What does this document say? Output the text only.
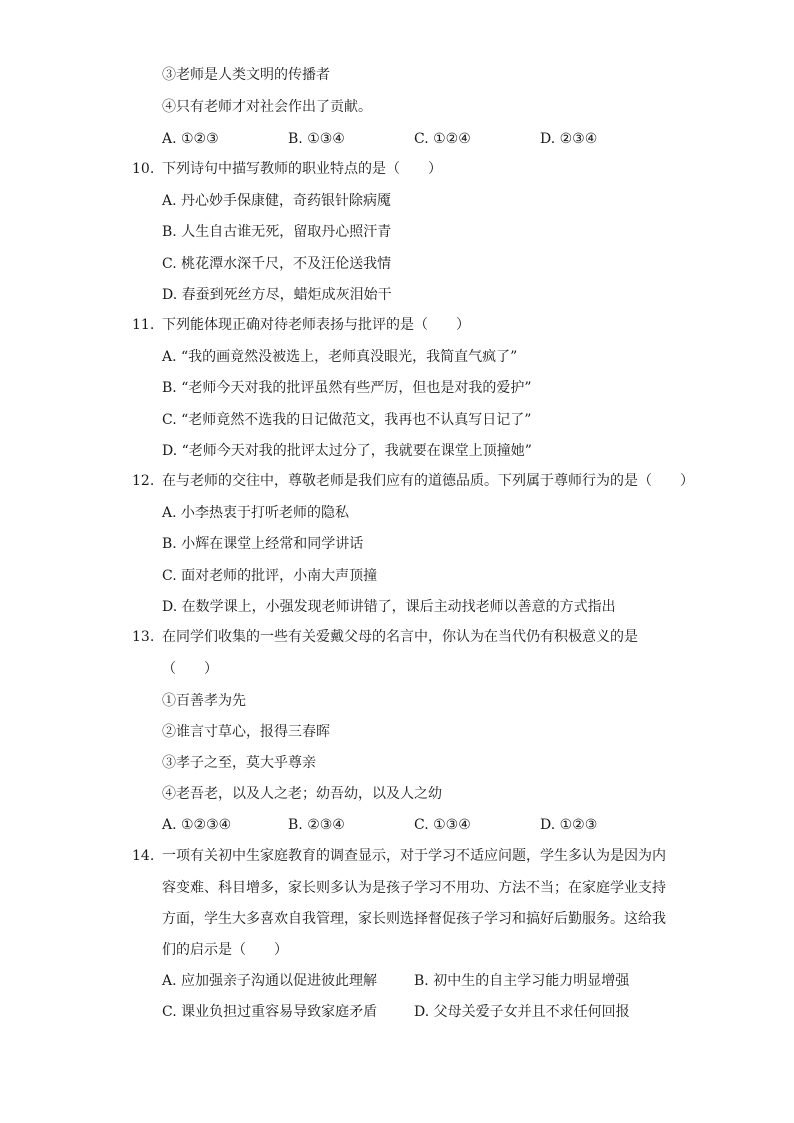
③老师是人类文明的传播者
④只有老师才对社会作出了贡献。
A. ①②③	B. ①③④	C. ①②④	D. ②③④
10. 下列诗句中描写教师的职业特点的是（　　）
A. 丹心妙手保康健，奇药银针除病魇
B. 人生自古谁无死，留取丹心照汗青
C. 桃花潭水深千尺，不及汪伦送我情
D. 春蚕到死丝方尽，蜡炬成灰泪始干
11. 下列能体现正确对待老师表扬与批评的是（　　）
A. “我的画竟然没被选上，老师真没眼光，我简直气疯了”
B. “老师今天对我的批评虽然有些严厉，但也是对我的爱护”
C. “老师竟然不选我的日记做范文，我再也不认真写日记了”
D. “老师今天对我的批评太过分了，我就要在课堂上顶撞她”
12. 在与老师的交往中，尊敬老师是我们应有的道德品质。下列属于尊师行为的是（　　）
A. 小李热衷于打听老师的隐私
B. 小辉在课堂上经常和同学讲话
C. 面对老师的批评，小南大声顶撞
D. 在数学课上，小强发现老师讲错了，课后主动找老师以善意的方式指出
13. 在同学们收集的一些有关爱戴父母的名言中，你认为在当代仍有积极意义的是
（　　）
①百善孝为先
②谁言寸草心，报得三春晖
③孝子之至，莫大乎尊亲
④老吾老，以及人之老；幼吾幼，以及人之幼
A. ①②③④	B. ②③④	C. ①③④	D. ①②③
14. 一项有关初中生家庭教育的调查显示，对于学习不适应问题，学生多认为是因为内
容变难、科目增多，家长则多认为是孩子学习不用功、方法不当；在家庭学业支持
方面，学生大多喜欢自我管理，家长则选择督促孩子学习和搞好后勤服务。这给我
们的启示是（　　）
A. 应加强亲子沟通以促进彼此理解	B. 初中生的自主学习能力明显增强
C. 课业负担过重容易导致家庭矛盾	D. 父母关爱子女并且不求任何回报
